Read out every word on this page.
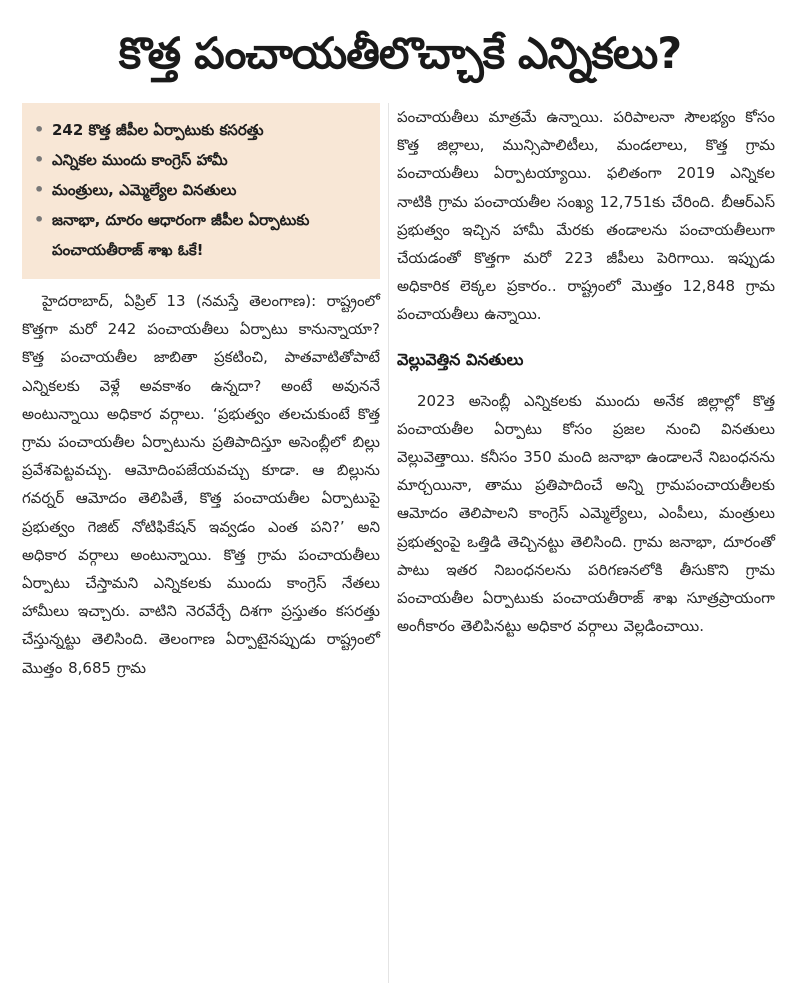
కొత్త పంచాయతీలొచ్చాకే ఎన్నికలు?
• 242 కొత్త జీపీల ఏర్పాటుకు కసరత్తు
• ఎన్నికల ముందు కాంగ్రెస్ హామీ
• మంత్రులు, ఎమ్మెల్యేల వినతులు
• జనాభా, దూరం ఆధారంగా జీపీల ఏర్పాటుకు పంచాయతీరాజ్ శాఖ ఓకే!

హైదరాబాద్, ఏప్రిల్ 13 (నమస్తే తెలంగాణ): రాష్ట్రంలో కొత్తగా మరో 242 పంచాయతీలు ఏర్పాటు కానున్నాయా? కొత్త పంచాయతీల జాబితా ప్రకటించి, పాతవాటితోపాటే ఎన్నికలకు వెళ్లే అవకాశం ఉన్నదా? అంటే అవుననే అంటున్నాయి అధికార వర్గాలు. ‘ప్రభుత్వం తలచుకుంటే కొత్త గ్రామ పంచాయతీల ఏర్పాటును ప్రతిపాదిస్తూ అసెంబ్లీలో బిల్లు ప్రవేశపెట్టవచ్చు. ఆమోదింపజేయవచ్చు కూడా. ఆ బిల్లును గవర్నర్ ఆమోదం తెలిపితే, కొత్త పంచాయతీల ఏర్పాటుపై ప్రభుత్వం గెజిట్ నోటిఫికేషన్ ఇవ్వడం ఎంత పని?’ అని అధికార వర్గాలు అంటున్నాయి. కొత్త గ్రామ పంచాయతీలు ఏర్పాటు చేస్తామని ఎన్నికలకు ముందు కాంగ్రెస్ నేతలు హామీలు ఇచ్చారు. వాటిని నెరవేర్చే దిశగా ప్రస్తుతం కసరత్తు చేస్తున్నట్టు తెలిసింది. తెలంగాణ ఏర్పాటైనప్పుడు రాష్ట్రంలో మొత్తం 8,685 గ్రామ

పంచాయతీలు మాత్రమే ఉన్నాయి. పరిపాలనా సౌలభ్యం కోసం కొత్త జిల్లాలు, మున్సిపాలిటీలు, మండలాలు, కొత్త గ్రామ పంచాయతీలు ఏర్పాటయ్యాయి. ఫలితంగా 2019 ఎన్నికల నాటికి గ్రామ పంచాయతీల సంఖ్య 12,751కు చేరింది. బీఆర్ఎస్ ప్రభుత్వం ఇచ్చిన హామీ మేరకు తండాలను పంచాయతీలుగా చేయడంతో కొత్తగా మరో 223 జీపీలు పెరిగాయి. ఇప్పుడు అధికారిక లెక్కల ప్రకారం.. రాష్ట్రంలో మొత్తం 12,848 గ్రామ పంచాయతీలు ఉన్నాయి.

వెల్లువెత్తిన వినతులు

2023 అసెంబ్లీ ఎన్నికలకు ముందు అనేక జిల్లాల్లో కొత్త పంచాయతీల ఏర్పాటు కోసం ప్రజల నుంచి వినతులు వెల్లువెత్తాయి. కనీసం 350 మంది జనాభా ఉండాలనే నిబంధనను మార్చయినా, తాము ప్రతిపాదించే అన్ని గ్రామపంచాయతీలకు ఆమోదం తెలిపాలని కాంగ్రెస్ ఎమ్మెల్యేలు, ఎంపీలు, మంత్రులు ప్రభుత్వంపై ఒత్తిడి తెచ్చినట్టు తెలిసింది. గ్రామ జనాభా, దూరంతో పాటు ఇతర నిబంధనలను పరిగణనలోకి తీసుకొని గ్రామ పంచాయతీల ఏర్పాటుకు పంచాయతీరాజ్ శాఖ సూత్రప్రాయంగా అంగీకారం తెలిపినట్టు అధికార వర్గాలు వెల్లడించాయి.
